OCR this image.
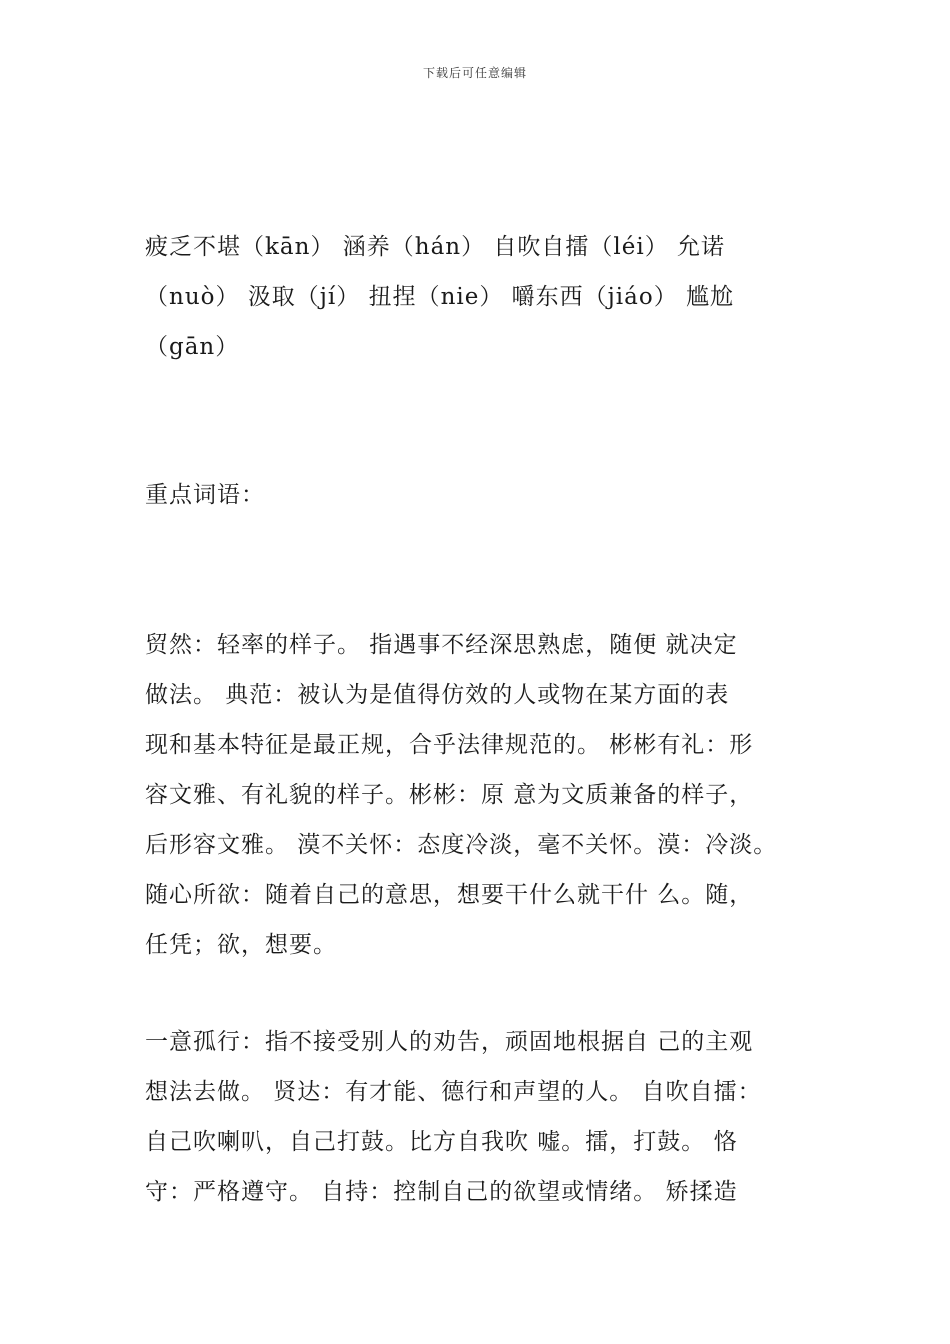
下载后可任意编辑
疲乏不堪（kān） 涵养（hán） 自吹自擂（léi） 允诺
（nuò） 汲取（jí） 扭捏（nie） 嚼东西（jiáo） 尴尬
（gān）
重点词语：
贸然：轻率的样子。 指遇事不经深思熟虑，随便 就决定
做法。 典范：被认为是值得仿效的人或物在某方面的表
现和基本特征是最正规，合乎法律规范的。 彬彬有礼：形
容文雅、有礼貌的样子。彬彬：原 意为文质兼备的样子，
后形容文雅。 漠不关怀：态度冷淡，毫不关怀。漠：冷淡。
随心所欲：随着自己的意思，想要干什么就干什 么。随，
任凭；欲，想要。
一意孤行：指不接受别人的劝告，顽固地根据自 己的主观
想法去做。 贤达：有才能、德行和声望的人。 自吹自擂：
自己吹喇叭，自己打鼓。比方自我吹 嘘。擂，打鼓。 恪
守：严格遵守。 自持：控制自己的欲望或情绪。 矫揉造
